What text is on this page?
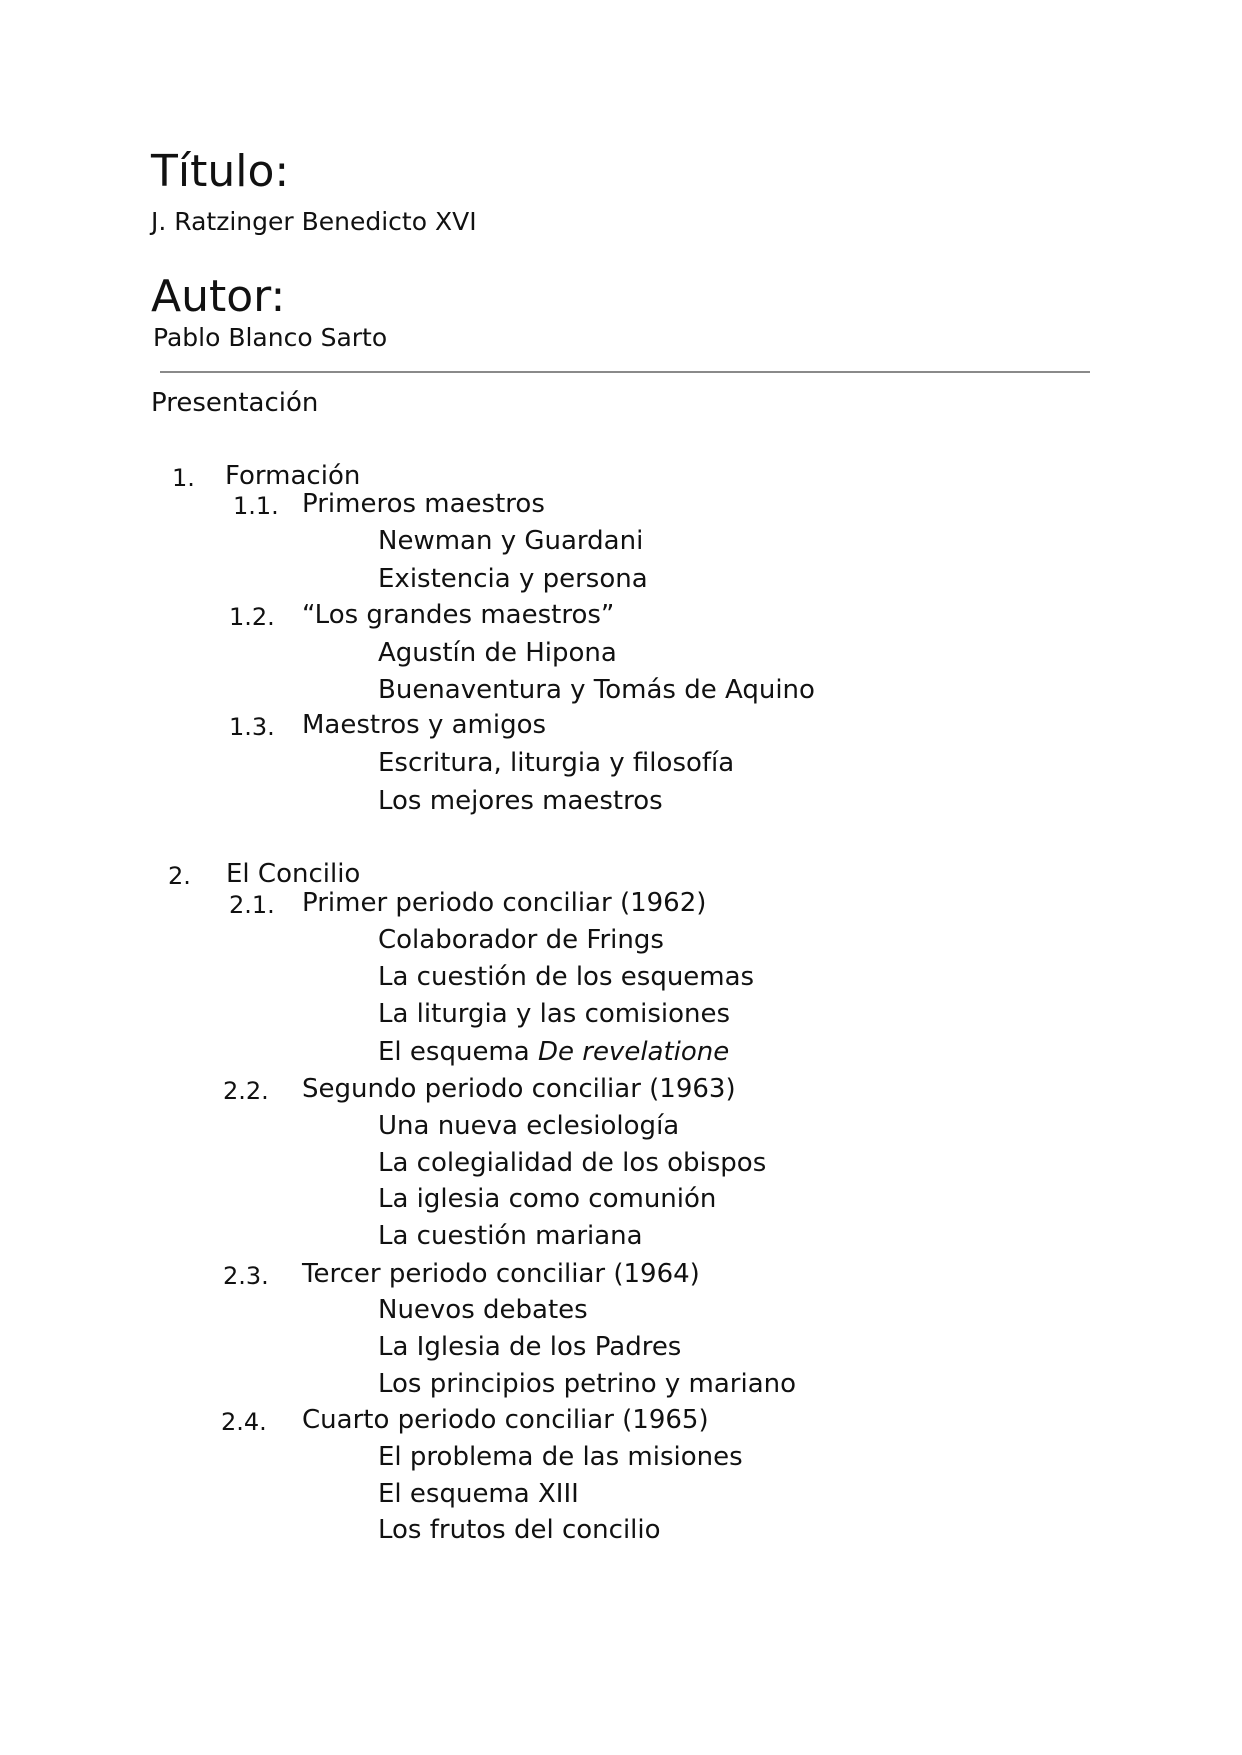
Título:
J. Ratzinger Benedicto XVI
Autor:
Pablo Blanco Sarto
Presentación
1. Formación
1.1. Primeros maestros
Newman y Guardani
Existencia y persona
1.2. “Los grandes maestros”
Agustín de Hipona
Buenaventura y Tomás de Aquino
1.3. Maestros y amigos
Escritura, liturgia y filosofía
Los mejores maestros
2. El Concilio
2.1. Primer periodo conciliar (1962)
Colaborador de Frings
La cuestión de los esquemas
La liturgia y las comisiones
El esquema De revelatione
2.2. Segundo periodo conciliar (1963)
Una nueva eclesiología
La colegialidad de los obispos
La iglesia como comunión
La cuestión mariana
2.3. Tercer periodo conciliar (1964)
Nuevos debates
La Iglesia de los Padres
Los principios petrino y mariano
2.4. Cuarto periodo conciliar (1965)
El problema de las misiones
El esquema XIII
Los frutos del concilio
